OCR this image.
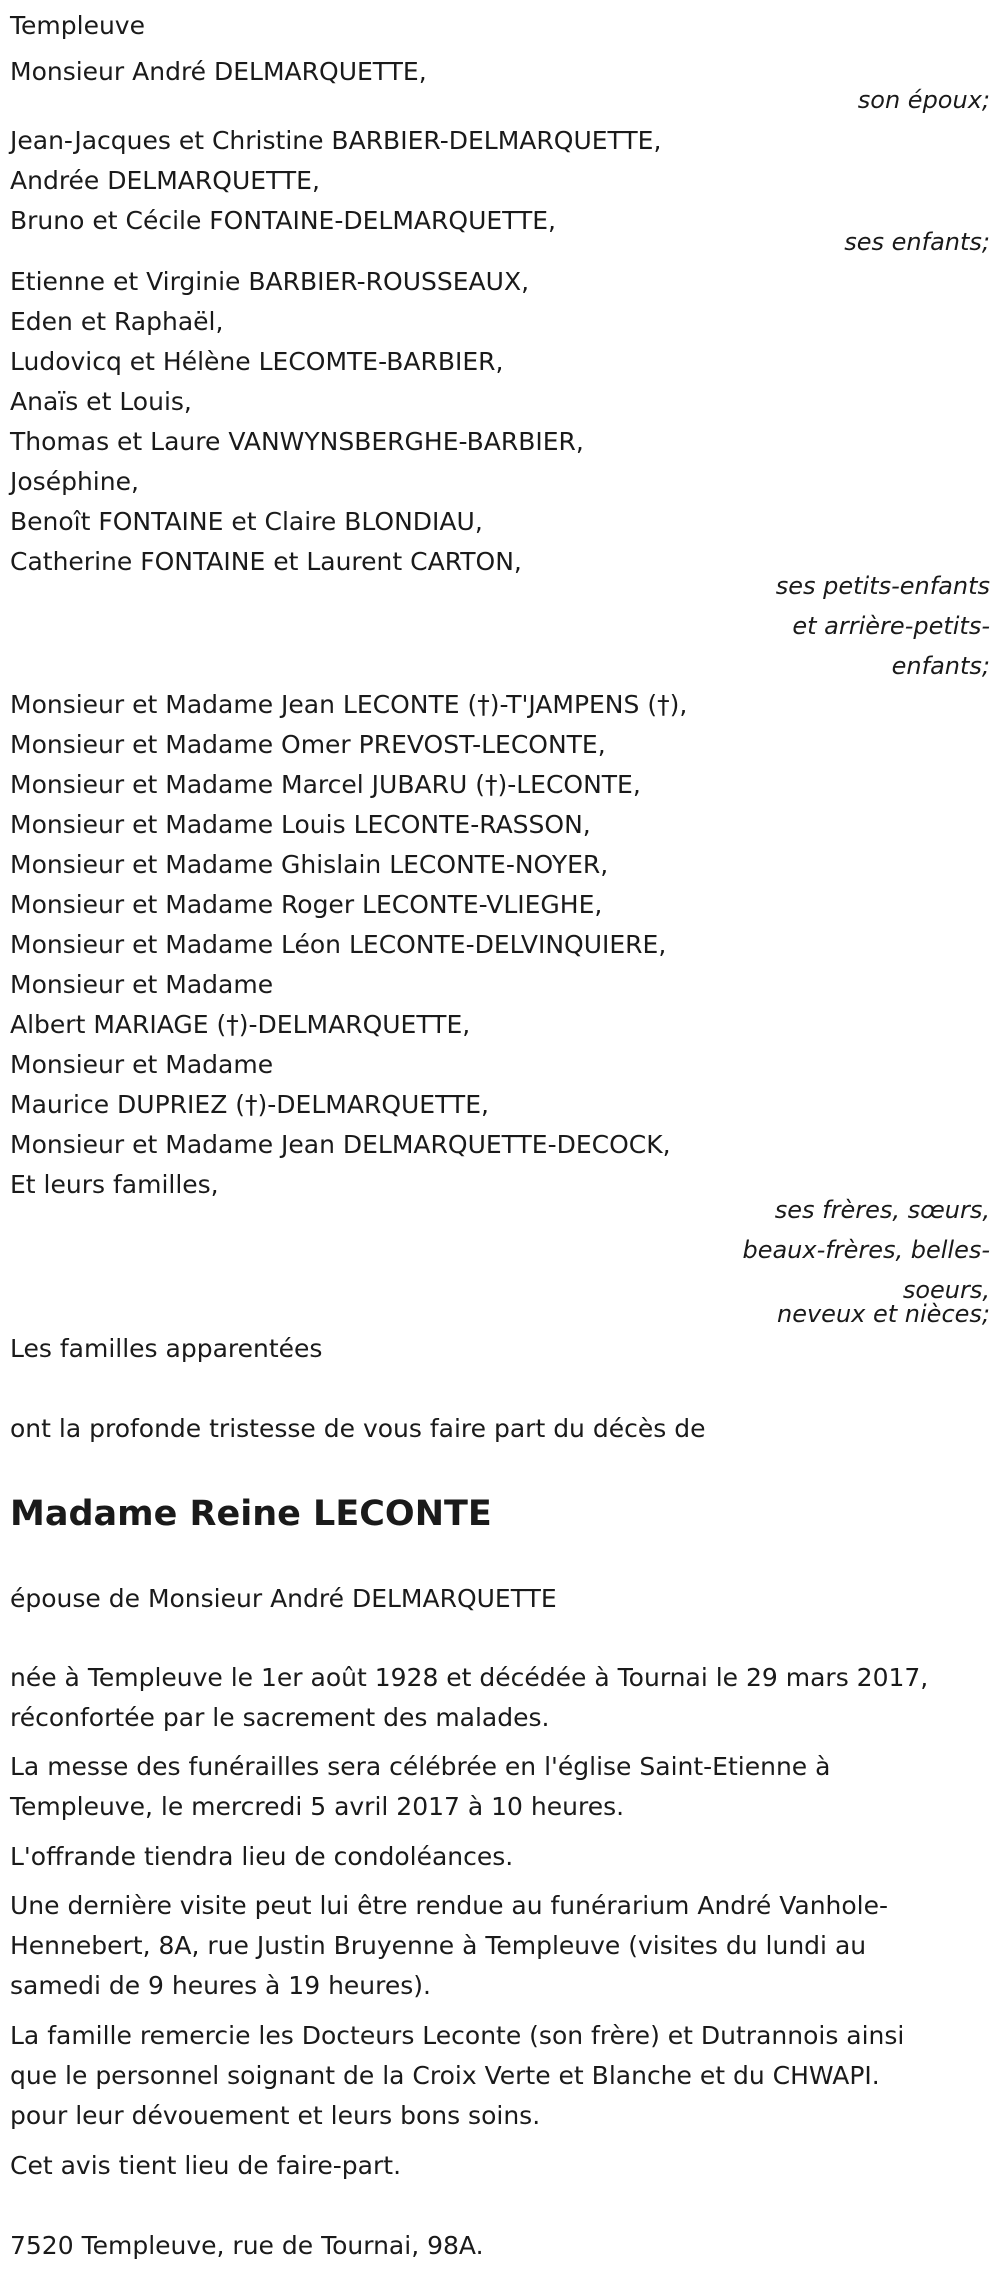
Templeuve
Monsieur André DELMARQUETTE,
son époux;
Jean-Jacques et Christine BARBIER-DELMARQUETTE,
Andrée DELMARQUETTE,
Bruno et Cécile FONTAINE-DELMARQUETTE,
ses enfants;
Etienne et Virginie BARBIER-ROUSSEAUX,
Eden et Raphaël,
Ludovicq et Hélène LECOMTE-BARBIER,
Anaïs et Louis,
Thomas et Laure VANWYNSBERGHE-BARBIER,
Joséphine,
Benoît FONTAINE et Claire BLONDIAU,
Catherine FONTAINE et Laurent CARTON,
ses petits-enfants
et arrière-petits-
enfants;
Monsieur et Madame Jean LECONTE (†)-T'JAMPENS (†),
Monsieur et Madame Omer PREVOST-LECONTE,
Monsieur et Madame Marcel JUBARU (†)-LECONTE,
Monsieur et Madame Louis LECONTE-RASSON,
Monsieur et Madame Ghislain LECONTE-NOYER,
Monsieur et Madame Roger LECONTE-VLIEGHE,
Monsieur et Madame Léon LECONTE-DELVINQUIERE,
Monsieur et Madame
Albert MARIAGE (†)-DELMARQUETTE,
Monsieur et Madame
Maurice DUPRIEZ (†)-DELMARQUETTE,
Monsieur et Madame Jean DELMARQUETTE-DECOCK,
Et leurs familles,
ses frères, sœurs,
beaux-frères, belles-
soeurs,
neveux et nièces;
Les familles apparentées
ont la profonde tristesse de vous faire part du décès de
Madame Reine LECONTE
épouse de Monsieur André DELMARQUETTE
née à Templeuve le 1er août 1928 et décédée à Tournai le 29 mars 2017,
réconfortée par le sacrement des malades.
La messe des funérailles sera célébrée en l'église Saint-Etienne à
Templeuve, le mercredi 5 avril 2017 à 10 heures.
L'offrande tiendra lieu de condoléances.
Une dernière visite peut lui être rendue au funérarium André Vanhole-
Hennebert, 8A, rue Justin Bruyenne à Templeuve (visites du lundi au
samedi de 9 heures à 19 heures).
La famille remercie les Docteurs Leconte (son frère) et Dutrannois ainsi
que le personnel soignant de la Croix Verte et Blanche et du CHWAPI.
pour leur dévouement et leurs bons soins.
Cet avis tient lieu de faire-part.
7520 Templeuve, rue de Tournai, 98A.
